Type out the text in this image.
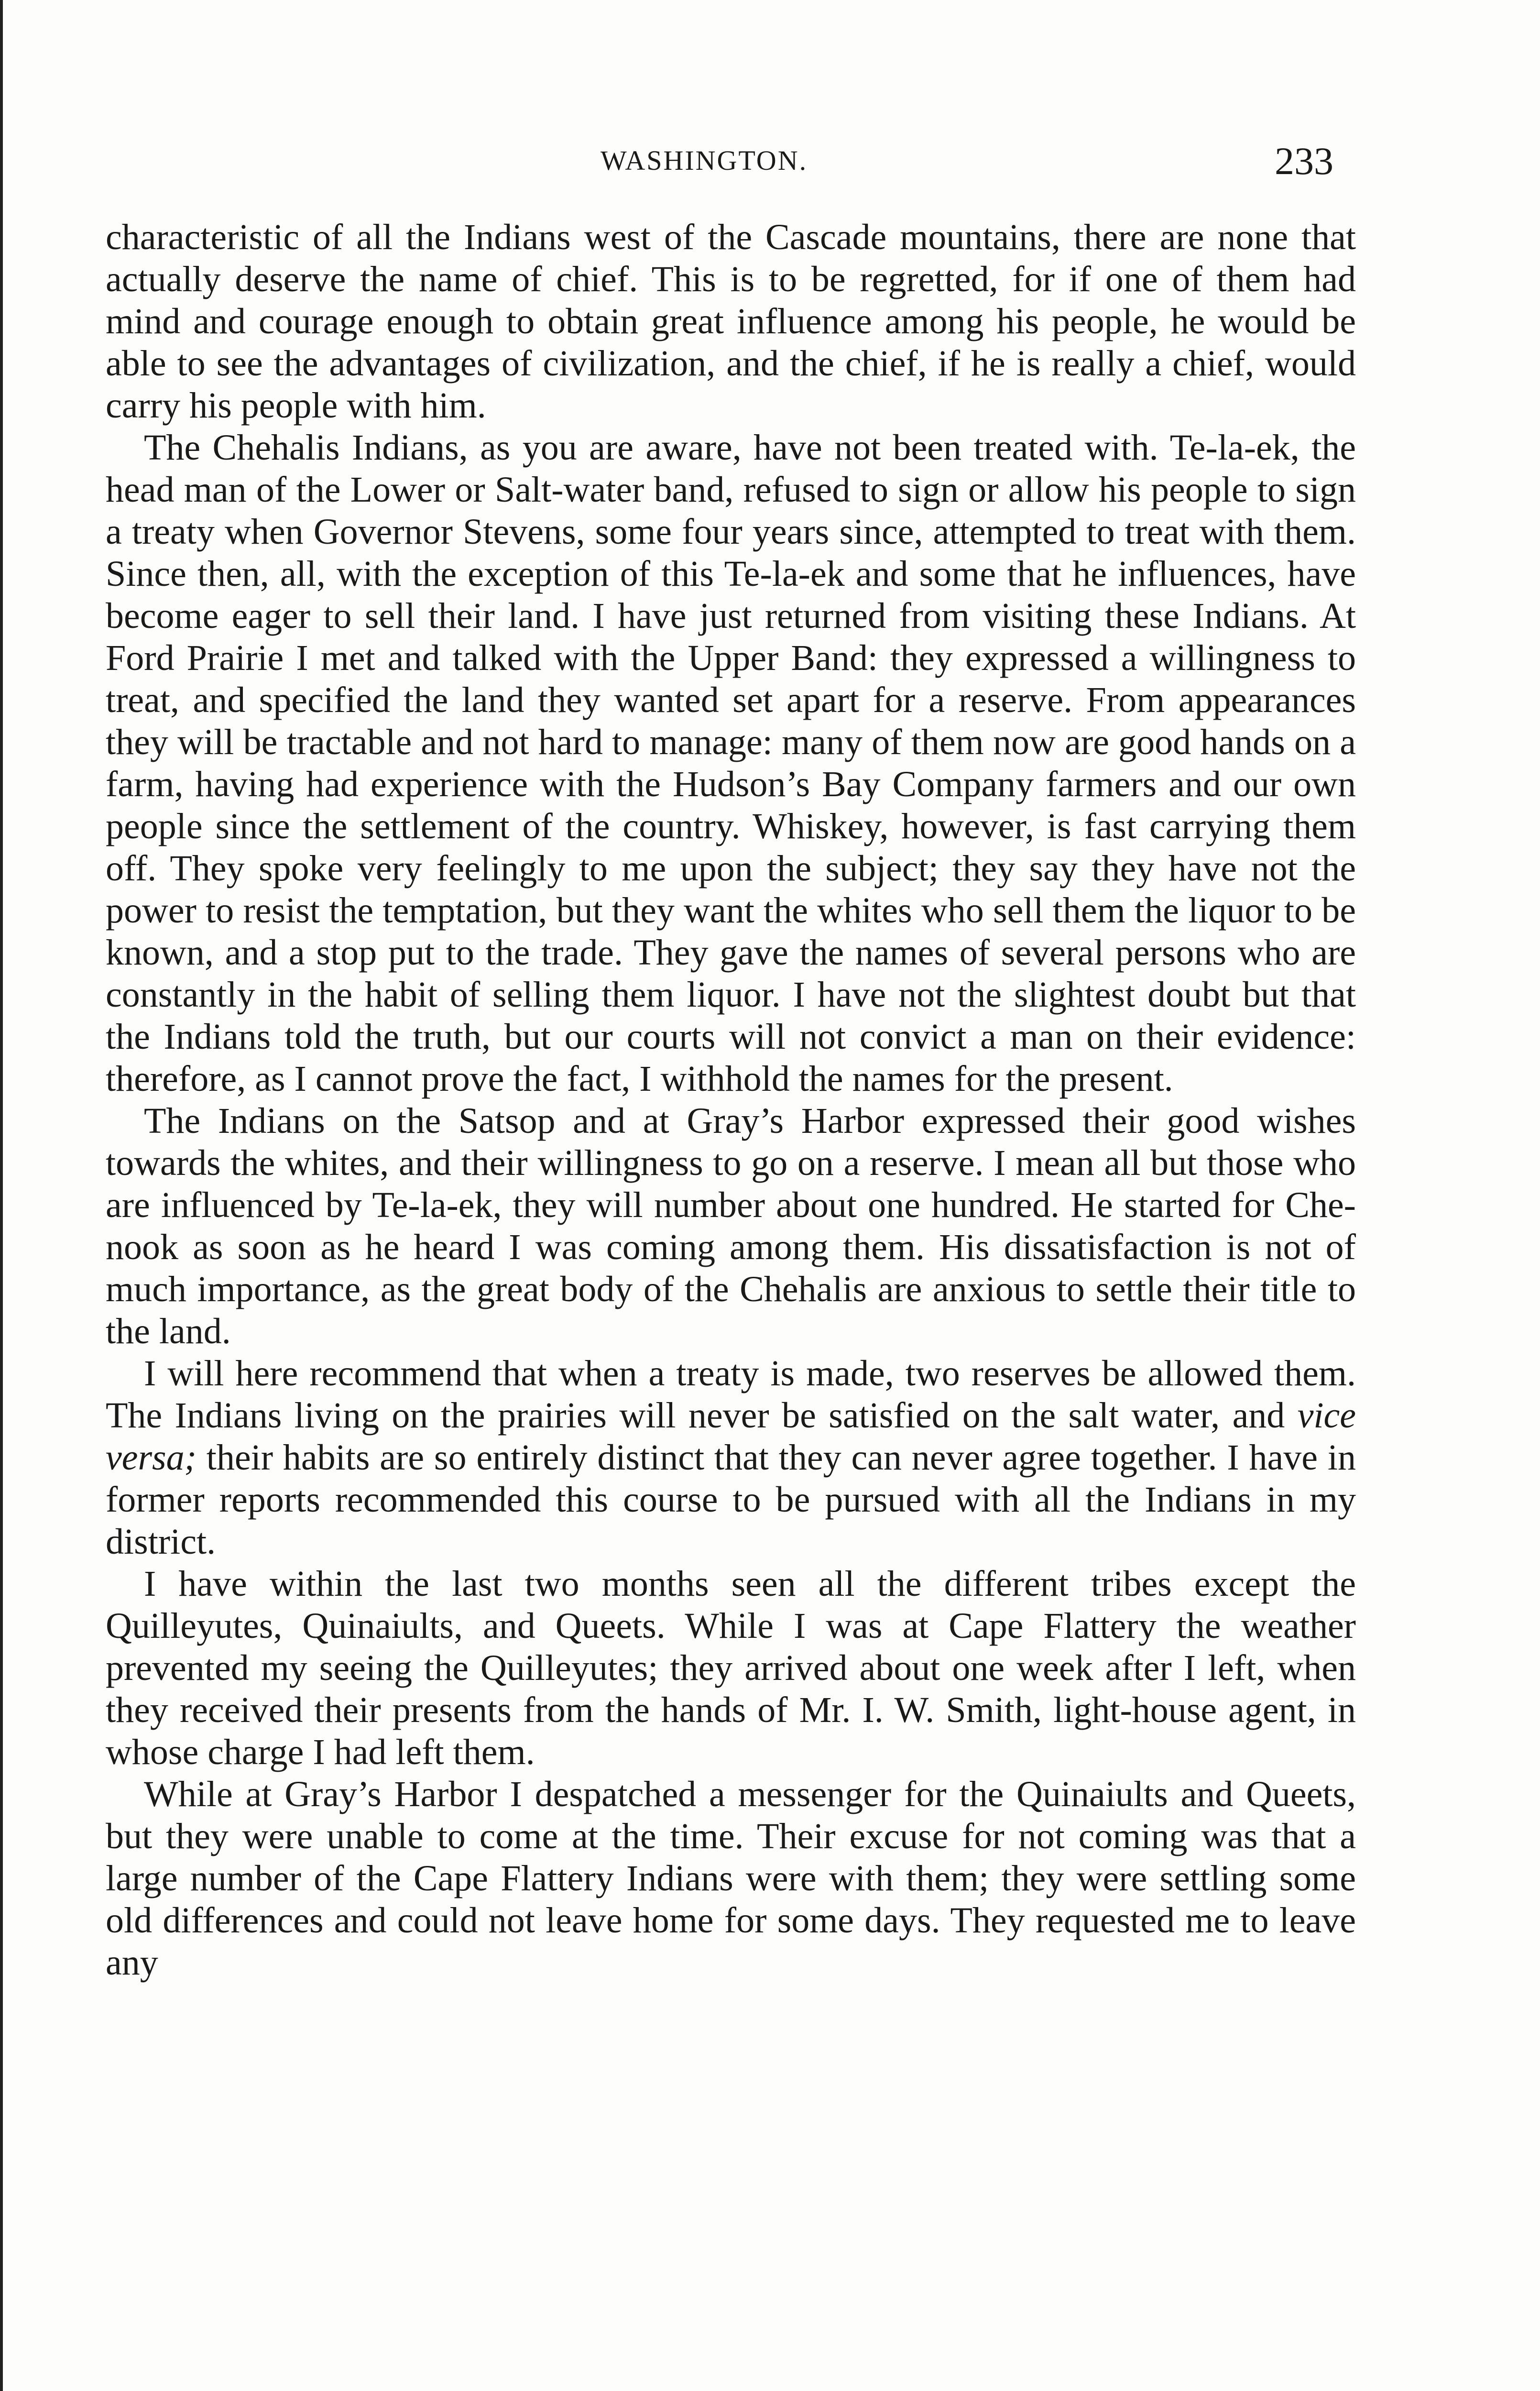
WASHINGTON.	233

characteristic of all the Indians west of the Cascade mountains, there are none that actually deserve the name of chief. This is to be regretted, for if one of them had mind and courage enough to obtain great influence among his people, he would be able to see the advantages of civilization, and the chief, if he is really a chief, would carry his people with him.

The Chehalis Indians, as you are aware, have not been treated with. Te-la-ek, the head man of the Lower or Salt-water band, refused to sign or allow his people to sign a treaty when Governor Stevens, some four years since, attempted to treat with them. Since then, all, with the exception of this Te-la-ek and some that he influences, have become eager to sell their land. I have just returned from visiting these Indians. At Ford Prairie I met and talked with the Upper Band: they expressed a willingness to treat, and specified the land they wanted set apart for a reserve. From appearances they will be tractable and not hard to manage: many of them now are good hands on a farm, having had experience with the Hudson’s Bay Company farmers and our own people since the settlement of the country. Whiskey, however, is fast carrying them off. They spoke very feelingly to me upon the subject; they say they have not the power to resist the temptation, but they want the whites who sell them the liquor to be known, and a stop put to the trade. They gave the names of several persons who are constantly in the habit of selling them liquor. I have not the slightest doubt but that the Indians told the truth, but our courts will not convict a man on their evidence: therefore, as I cannot prove the fact, I withhold the names for the present.

The Indians on the Satsop and at Gray’s Harbor expressed their good wishes towards the whites, and their willingness to go on a reserve. I mean all but those who are influenced by Te-la-ek, they will number about one hundred. He started for Che-nook as soon as he heard I was coming among them. His dissatisfaction is not of much importance, as the great body of the Chehalis are anxious to settle their title to the land.

I will here recommend that when a treaty is made, two reserves be allowed them. The Indians living on the prairies will never be satisfied on the salt water, and vice versa; their habits are so entirely distinct that they can never agree together. I have in former reports recommended this course to be pursued with all the Indians in my district.

I have within the last two months seen all the different tribes except the Quilleyutes, Quinaiults, and Queets. While I was at Cape Flattery the weather prevented my seeing the Quilleyutes; they arrived about one week after I left, when they received their presents from the hands of Mr. I. W. Smith, light-house agent, in whose charge I had left them.

While at Gray’s Harbor I despatched a messenger for the Quinaiults and Queets, but they were unable to come at the time. Their excuse for not coming was that a large number of the Cape Flattery Indians were with them; they were settling some old differences and could not leave home for some days. They requested me to leave any
